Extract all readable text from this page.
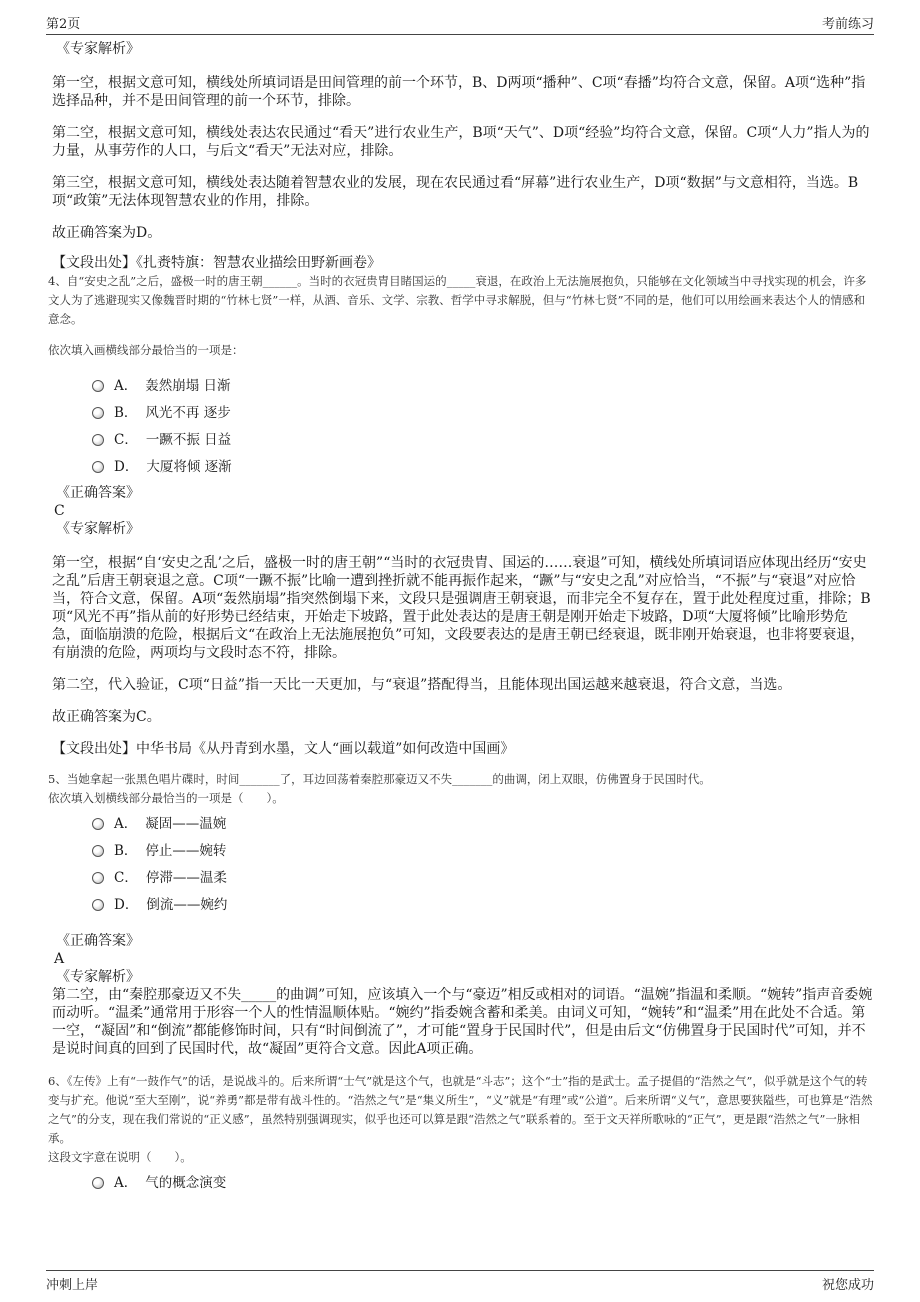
第2页	考前练习

《专家解析》

第一空，根据文意可知，横线处所填词语是田间管理的前一个环节，B、D两项“播种”、C项“春播”均符合文意，保留。A项“选种”指选择品种，并不是田间管理的前一个环节，排除。

第二空，根据文意可知，横线处表达农民通过“看天”进行农业生产，B项“天气”、D项“经验”均符合文意，保留。C项“人力”指人为的力量，从事劳作的人口，与后文“看天”无法对应，排除。

第三空，根据文意可知，横线处表达随着智慧农业的发展，现在农民通过看“屏幕”进行农业生产，D项“数据”与文意相符，当选。B项“政策”无法体现智慧农业的作用，排除。

故正确答案为D。

【文段出处】《扎赉特旗：智慧农业描绘田野新画卷》

4、自“安史之乱”之后，盛极一时的唐王朝______。当时的衣冠贵胄目睹国运的_____衰退，在政治上无法施展抱负，只能够在文化领域当中寻找实现的机会，许多文人为了逃避现实又像魏晋时期的“竹林七贤”一样，从酒、音乐、文学、宗教、哲学中寻求解脱，但与“竹林七贤”不同的是，他们可以用绘画来表达个人的情感和意念。

依次填入画横线部分最恰当的一项是：

A． 轰然崩塌 日渐
B． 风光不再 逐步
C． 一蹶不振 日益
D． 大厦将倾 逐渐

《正确答案》

C

《专家解析》

第一空，根据“自‘安史之乱’之后，盛极一时的唐王朝”“当时的衣冠贵胄、国运的……衰退”可知，横线处所填词语应体现出经历“安史之乱”后唐王朝衰退之意。C项“一蹶不振”比喻一遭到挫折就不能再振作起来，“蹶”与“安史之乱”对应恰当，“不振”与“衰退”对应恰当，符合文意，保留。A项“轰然崩塌”指突然倒塌下来，文段只是强调唐王朝衰退，而非完全不复存在，置于此处程度过重，排除；B项“风光不再”指从前的好形势已经结束，开始走下坡路，置于此处表达的是唐王朝是刚开始走下坡路，D项“大厦将倾”比喻形势危急，面临崩溃的危险，根据后文“在政治上无法施展抱负”可知，文段要表达的是唐王朝已经衰退，既非刚开始衰退，也非将要衰退，有崩溃的危险，两项均与文段时态不符，排除。

第二空，代入验证，C项“日益”指一天比一天更加，与“衰退”搭配得当，且能体现出国运越来越衰退，符合文意，当选。

故正确答案为C。

【文段出处】中华书局《从丹青到水墨，文人“画以载道”如何改造中国画》

5、当她拿起一张黑色唱片碟时，时间_______了，耳边回荡着秦腔那豪迈又不失_______的曲调，闭上双眼，仿佛置身于民国时代。

依次填入划横线部分最恰当的一项是（　　）。

A． 凝固——温婉
B． 停止——婉转
C． 停滞——温柔
D． 倒流——婉约

《正确答案》

A

《专家解析》

第二空，由“秦腔那豪迈又不失_____的曲调”可知，应该填入一个与“豪迈”相反或相对的词语。“温婉”指温和柔顺。“婉转”指声音委婉而动听。“温柔”通常用于形容一个人的性情温顺体贴。“婉约”指委婉含蓄和柔美。由词义可知，“婉转”和“温柔”用在此处不合适。第一空，“凝固”和“倒流”都能修饰时间，只有“时间倒流了”，才可能“置身于民国时代”，但是由后文“仿佛置身于民国时代”可知，并不是说时间真的回到了民国时代，故“凝固”更符合文意。因此A项正确。

6、《左传》上有“一鼓作气”的话，是说战斗的。后来所谓“士气”就是这个气，也就是“斗志”；这个“士”指的是武士。孟子提倡的“浩然之气”，似乎就是这个气的转变与扩充。他说“至大至刚”，说“养勇”都是带有战斗性的。“浩然之气”是“集义所生”，“义”就是“有理”或“公道”。后来所谓“义气”，意思要狭隘些，可也算是“浩然之气”的分支，现在我们常说的“正义感”，虽然特别强调现实，似乎也还可以算是跟“浩然之气”联系着的。至于文天祥所歌咏的“正气”，更是跟“浩然之气”一脉相承。

这段文字意在说明（　　）。

A． 气的概念演变
冲刺上岸	祝您成功
